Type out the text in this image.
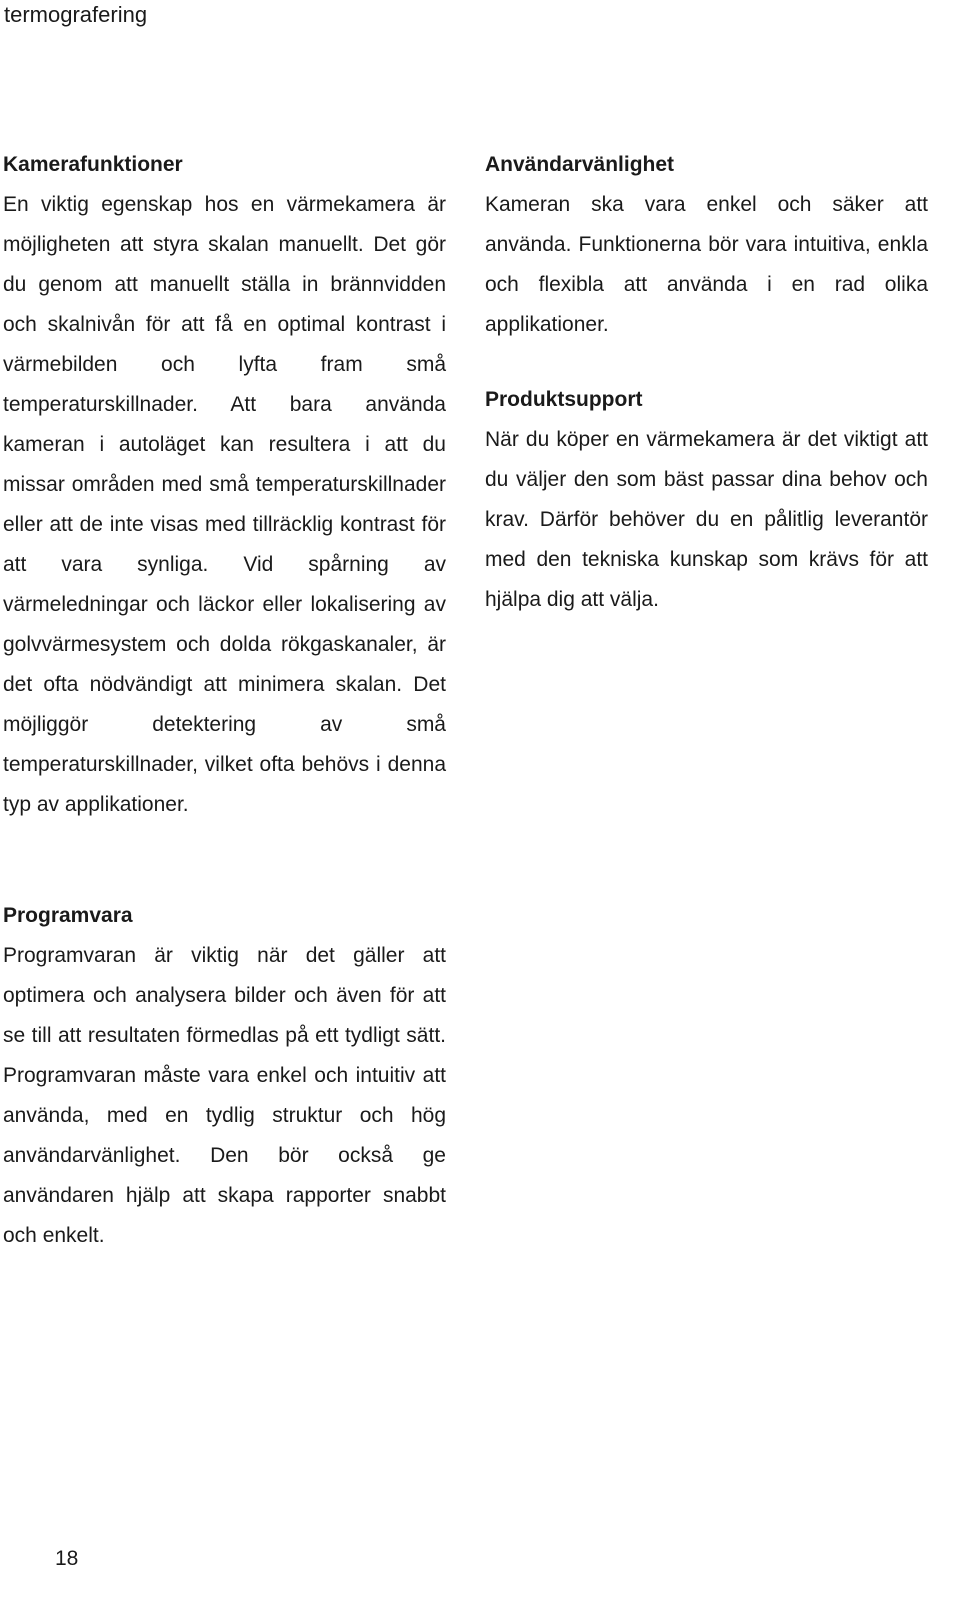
termografering
Kamerafunktioner

En viktig egenskap hos en värmekamera är möjligheten att styra skalan manuellt. Det gör du genom att manuellt ställa in brännvidden och skalnivån för att få en optimal kontrast i värmebilden och lyfta fram små temperaturskillnader. Att bara använda kameran i autoläget kan resultera i att du missar områden med små temperaturskillnader eller att de inte visas med tillräcklig kontrast för att vara synliga. Vid spårning av värmeledningar och läckor eller lokalisering av golvvärmesystem och dolda rökgaskanaler, är det ofta nödvändigt att minimera skalan. Det möjliggör detektering av små temperaturskillnader, vilket ofta behövs i denna typ av applikationer.

Programvara

Programvaran är viktig när det gäller att optimera och analysera bilder och även för att se till att resultaten förmedlas på ett tydligt sätt. Programvaran måste vara enkel och intuitiv att använda, med en tydlig struktur och hög användarvänlighet. Den bör också ge användaren hjälp att skapa rapporter snabbt och enkelt.

Användarvänlighet

Kameran ska vara enkel och säker att använda. Funktionerna bör vara intuitiva, enkla och flexibla att använda i en rad olika applikationer.

Produktsupport

När du köper en värmekamera är det viktigt att du väljer den som bäst passar dina behov och krav. Därför behöver du en pålitlig leverantör med den tekniska kunskap som krävs för att hjälpa dig att välja.

18
